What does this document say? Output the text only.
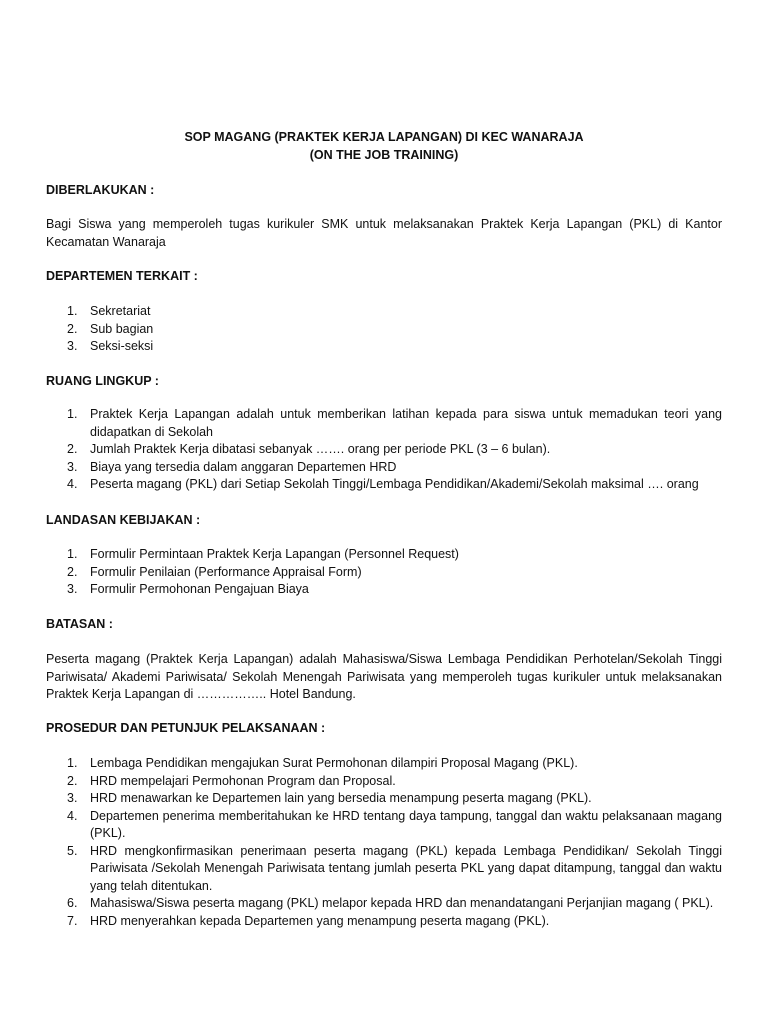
SOP MAGANG (PRAKTEK KERJA LAPANGAN) DI KEC WANARAJA
(ON THE JOB TRAINING)
DIBERLAKUKAN :
Bagi Siswa yang memperoleh tugas kurikuler SMK untuk melaksanakan Praktek Kerja Lapangan (PKL) di Kantor Kecamatan Wanaraja
DEPARTEMEN TERKAIT :
1. Sekretariat
2. Sub bagian
3. Seksi-seksi
RUANG LINGKUP :
1. Praktek Kerja Lapangan adalah untuk memberikan latihan kepada para siswa untuk memadukan teori yang didapatkan di Sekolah
2. Jumlah Praktek Kerja dibatasi sebanyak ……. orang per periode PKL (3 – 6 bulan).
3. Biaya yang tersedia dalam anggaran Departemen HRD
4. Peserta magang (PKL) dari Setiap Sekolah Tinggi/Lembaga Pendidikan/Akademi/Sekolah maksimal …. orang
LANDASAN KEBIJAKAN :
1. Formulir Permintaan Praktek Kerja Lapangan (Personnel Request)
2. Formulir Penilaian (Performance Appraisal Form)
3. Formulir Permohonan Pengajuan Biaya
BATASAN :
Peserta magang (Praktek Kerja Lapangan) adalah Mahasiswa/Siswa Lembaga Pendidikan Perhotelan/Sekolah Tinggi Pariwisata/ Akademi Pariwisata/ Sekolah Menengah Pariwisata yang memperoleh tugas kurikuler untuk melaksanakan Praktek Kerja Lapangan di …………….. Hotel Bandung.
PROSEDUR DAN PETUNJUK PELAKSANAAN :
1. Lembaga Pendidikan mengajukan Surat Permohonan dilampiri Proposal Magang (PKL).
2. HRD mempelajari Permohonan Program dan Proposal.
3. HRD menawarkan ke Departemen lain yang bersedia menampung peserta magang (PKL).
4. Departemen penerima memberitahukan ke HRD tentang daya tampung, tanggal dan waktu pelaksanaan magang (PKL).
5. HRD mengkonfirmasikan penerimaan peserta magang (PKL) kepada Lembaga Pendidikan/ Sekolah Tinggi Pariwisata /Sekolah Menengah Pariwisata tentang jumlah peserta PKL yang dapat ditampung, tanggal dan waktu yang telah ditentukan.
6. Mahasiswa/Siswa peserta magang (PKL) melapor kepada HRD dan menandatangani Perjanjian magang ( PKL).
7. HRD menyerahkan kepada Departemen yang menampung peserta magang (PKL).
